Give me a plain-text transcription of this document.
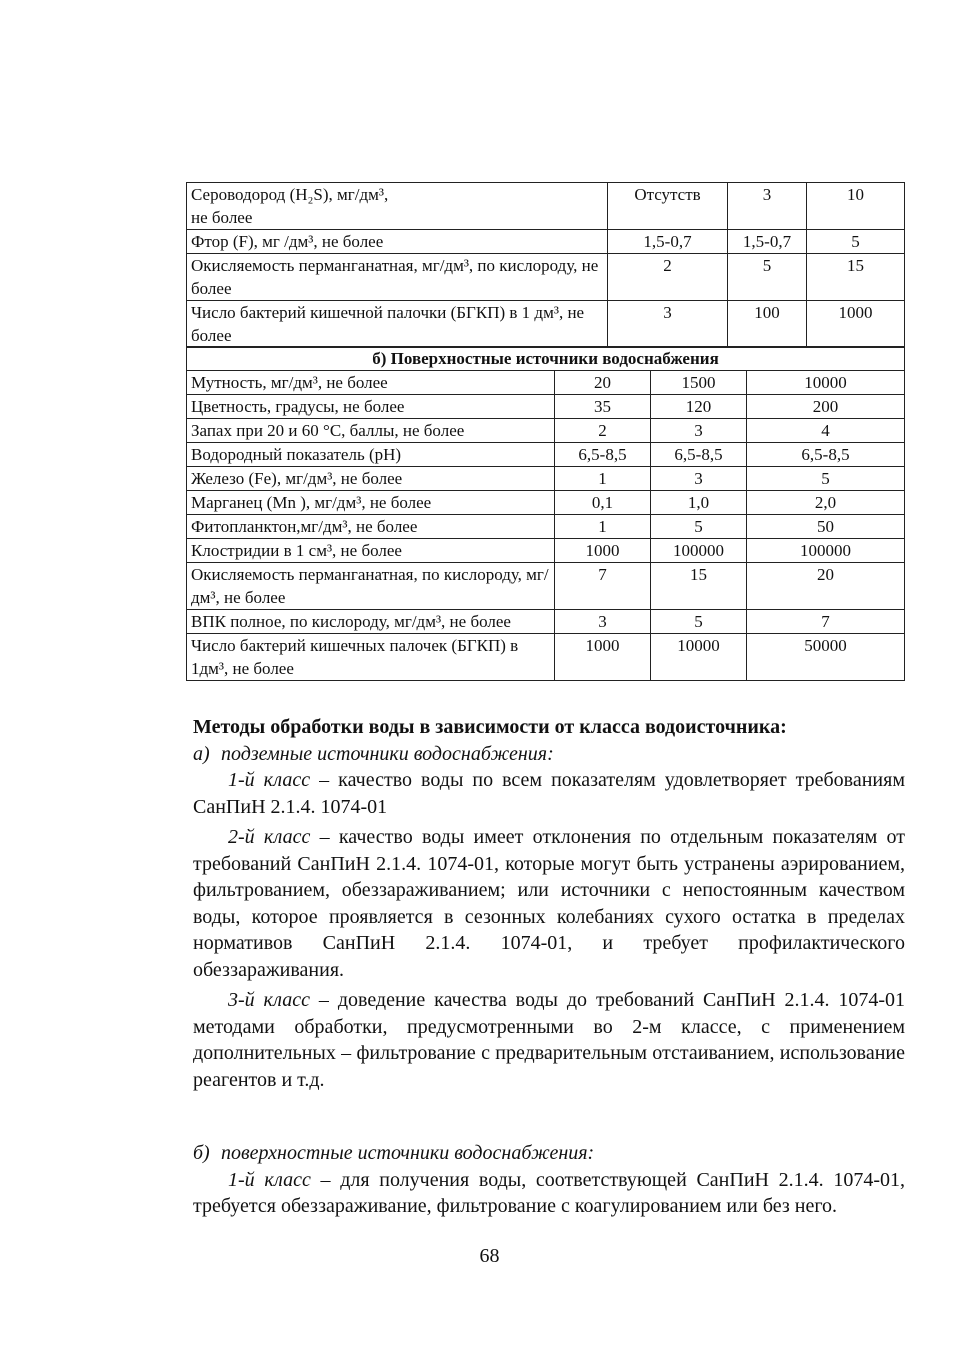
Сероводород (H₂S), мг/дм³,
не более	Отсутств	3	10
Фтор (F), мг /дм³, не более	1,5-0,7	1,5-0,7	5
Окисляемость перманганатная, мг/дм³, по кислороду, не более	2	5	15
Число бактерий кишечной палочки (БГКП) в 1 дм³, не более	3	100	1000
б) Поверхностные источники водоснабжения			
Мутность, мг/дм³, не более	20	1500	10000
Цветность, градусы, не более	35	120	200
Запах при 20 и 60 °С, баллы, не более	2	3	4
Водородный показатель (рН)	6,5-8,5	6,5-8,5	6,5-8,5
Железо (Fe), мг/дм³, не более	1	3	5
Марганец (Mn ), мг/дм³, не более	0,1	1,0	2,0
Фитопланктон,мг/дм³, не более	1	5	50
Клостридии в 1 см³, не более	1000	100000	100000
Окисляемость перманганатная, по кислороду, мг/дм³, не более	7	15	20
ВПК полное, по кислороду, мг/дм³, не более	3	5	7
Число бактерий кишечных палочек (БГКП) в 1дм³, не более	1000	10000	50000

Методы обработки воды в зависимости от класса водоисточника:

а) подземные источники водоснабжения:

1-й класс – качество воды по всем показателям удовлетворяет требованиям СанПиН 2.1.4. 1074-01

2-й класс – качество воды имеет отклонения по отдельным показателям от требований СанПиН 2.1.4. 1074-01, которые могут быть устранены аэрированием, фильтрованием, обеззараживанием; или источники с непостоянным качеством воды, которое проявляется в сезонных колебаниях сухого остатка в пределах нормативов СанПиН 2.1.4. 1074-01, и требует профилактического обеззараживания.

3-й класс – доведение качества воды до требований СанПиН 2.1.4. 1074-01 методами обработки, предусмотренными во 2-м классе, с применением дополнительных – фильтрование с предварительным отстаиванием, использование реагентов и т.д.

б) поверхностные источники водоснабжения:

1-й класс – для получения воды, соответствующей СанПиН 2.1.4. 1074-01, требуется обеззараживание, фильтрование с коагулированием или без него.

68
